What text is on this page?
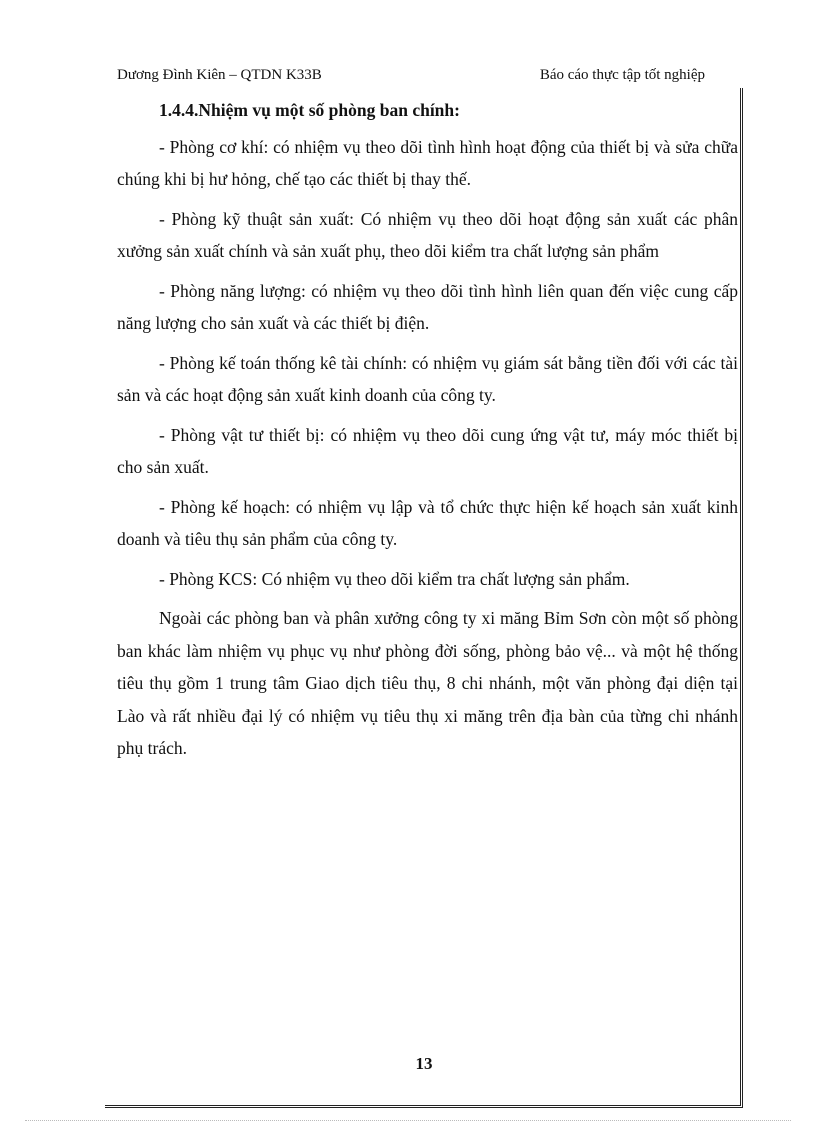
Dương Đình Kiên – QTDN K33B	Báo cáo thực tập tốt nghiệp

1.4.4.Nhiệm vụ một số phòng ban chính:

- Phòng cơ khí: có nhiệm vụ theo dõi tình hình hoạt động của thiết bị và sửa chữa chúng khi bị hư hỏng, chế tạo các thiết bị thay thế.

- Phòng kỹ thuật sản xuất: Có nhiệm vụ theo dõi hoạt động sản xuất các phân xưởng sản xuất chính và sản xuất phụ, theo dõi kiểm tra chất lượng sản phẩm

- Phòng năng lượng: có nhiệm vụ theo dõi tình hình liên quan đến việc cung cấp năng lượng cho sản xuất và các thiết bị điện.

- Phòng kế toán thống kê tài chính: có nhiệm vụ giám sát bằng tiền đối với các tài sản và các hoạt động sản xuất kinh doanh của công ty.

- Phòng vật tư thiết bị: có nhiệm vụ theo dõi cung ứng vật tư, máy móc thiết bị cho sản xuất.

- Phòng kế hoạch: có nhiệm vụ lập và tổ chức thực hiện kế hoạch sản xuất kinh doanh và tiêu thụ sản phẩm của công ty.

- Phòng KCS: Có nhiệm vụ theo dõi kiểm tra chất lượng sản phẩm.

Ngoài các phòng ban và phân xưởng công ty xi măng Bỉm Sơn còn một số phòng ban khác làm nhiệm vụ phục vụ như phòng đời sống, phòng bảo vệ... và một hệ thống tiêu thụ gồm 1 trung tâm Giao dịch tiêu thụ, 8 chi nhánh, một văn phòng đại diện tại Lào và rất nhiều đại lý có nhiệm vụ tiêu thụ xi măng trên địa bàn của từng chi nhánh phụ trách.

13
